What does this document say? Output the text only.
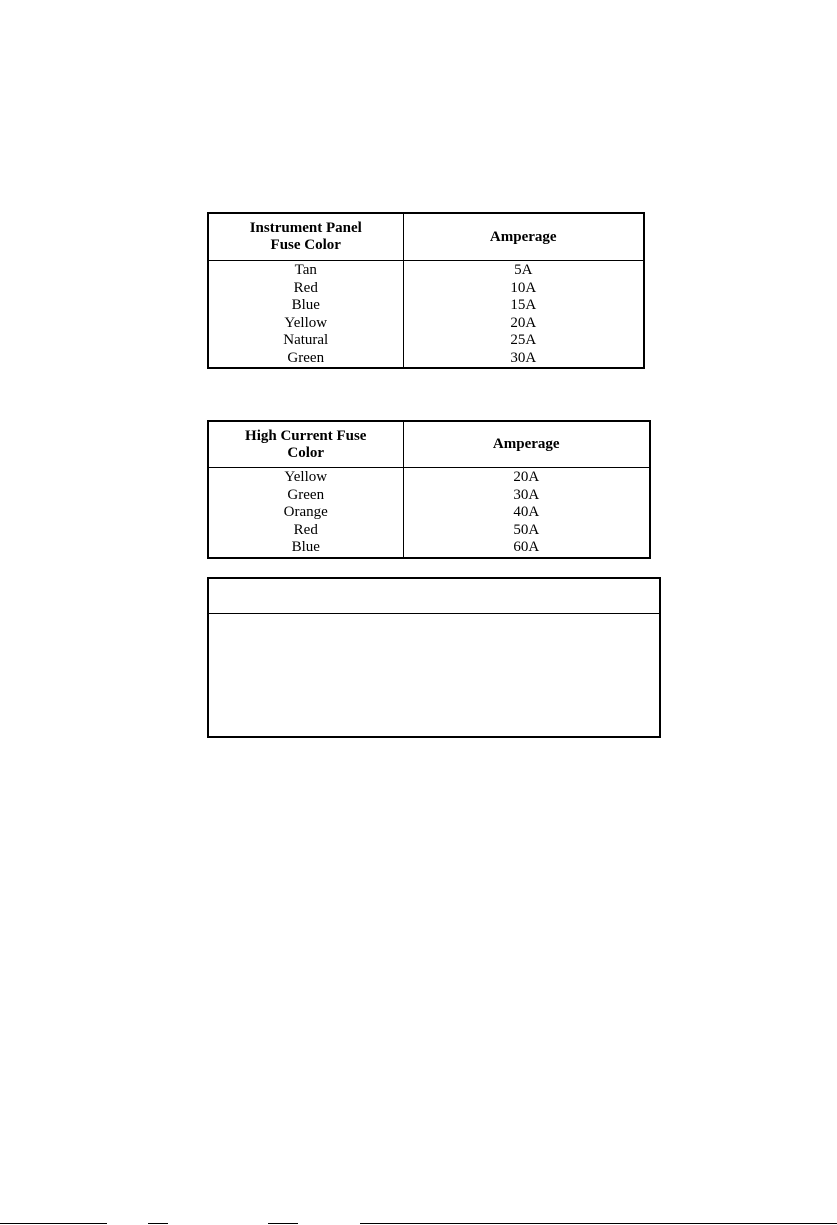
Instrument Panel Fuse Color	Amperage
Tan	5A
Red	10A
Blue	15A
Yellow	20A
Natural	25A
Green	30A
High Current Fuse Color	Amperage
Yellow	20A
Green	30A
Orange	40A
Red	50A
Blue	60A
